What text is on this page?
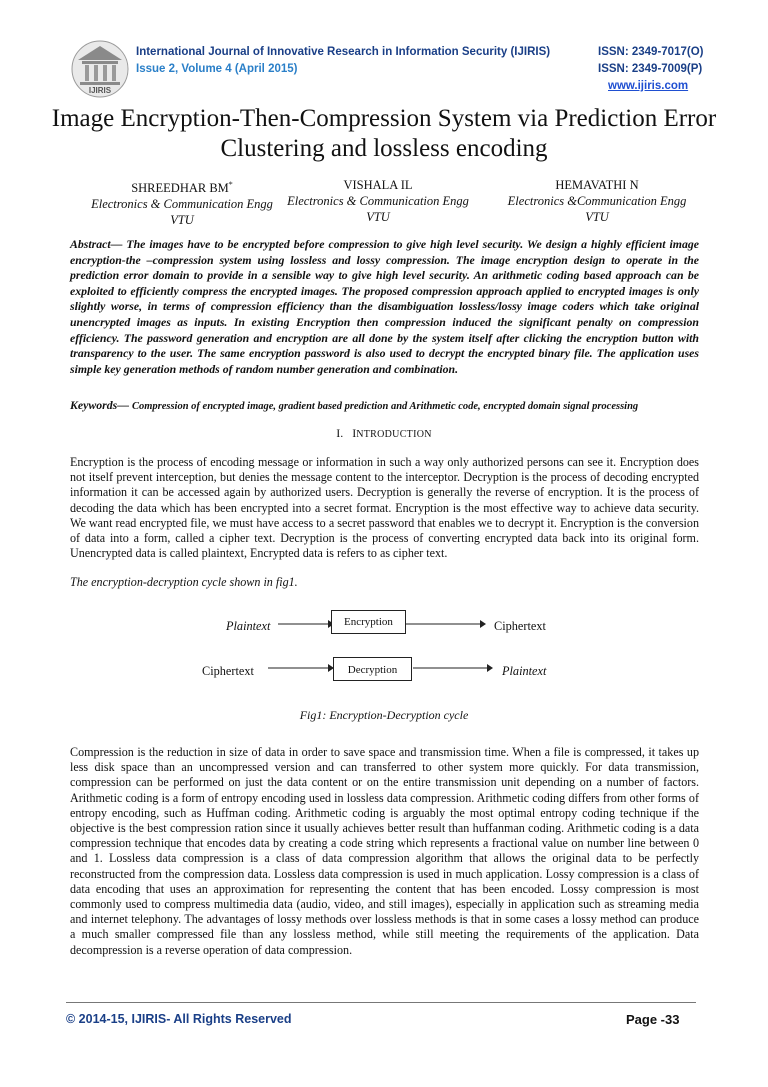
IJIRIS
International Journal of Innovative Research in Information Security (IJIRIS)	ISSN: 2349-7017(O)
Issue 2, Volume 4 (April 2015)	ISSN: 2349-7009(P)
www.ijiris.com
Image Encryption-Then-Compression System via Prediction Error Clustering and lossless encoding
SHREEDHAR BM*
Electronics & Communication Engg
VTU
VISHALA IL
Electronics & Communication Engg
VTU
HEMAVATHI N
Electronics &Communication Engg
VTU
Abstract— The images have to be encrypted before compression to give high level security. We design a highly efficient image encryption-the –compression system using lossless and lossy compression. The image encryption design to operate in the prediction error domain to provide in a sensible way to give high level security. An arithmetic coding based approach can be exploited to efficiently compress the encrypted images. The proposed compression approach applied to encrypted images is only slightly worse, in terms of compression efficiency than the disambiguation lossless/lossy image coders which take original unencrypted images as inputs. In existing Encryption then compression induced the significant penalty on compression efficiency. The password generation and encryption are all done by the system itself after clicking the encryption button with transparency to the user. The same encryption password is also used to decrypt the encrypted binary file. The application uses simple key generation methods of random number generation and combination.
Keywords— Compression of encrypted image, gradient based prediction and Arithmetic code, encrypted domain signal processing
I. INTRODUCTION
Encryption is the process of encoding message or information in such a way only authorized persons can see it. Encryption does not itself prevent interception, but denies the message content to the interceptor. Decryption is the process of decoding encrypted information it can be accessed again by authorized users. Decryption is generally the reverse of encryption. It is the process of decoding the data which has been encrypted into a secret format. Encryption is the most effective way to achieve data security. We want read encrypted file, we must have access to a secret password that enables we to decrypt it. Encryption is the conversion of data into a form, called a cipher text. Decryption is the process of converting encrypted data back into its original form. Unencrypted data is called plaintext, Encrypted data is refers to as cipher text.
The encryption-decryption cycle shown in fig1.
Plaintext	Encryption	Ciphertext
Ciphertext	Decryption	Plaintext
Fig1: Encryption-Decryption cycle
Compression is the reduction in size of data in order to save space and transmission time. When a file is compressed, it takes up less disk space than an uncompressed version and can transferred to other system more quickly. For data transmission, compression can be performed on just the data content or on the entire transmission unit depending on a number of factors. Arithmetic coding is a form of entropy encoding used in lossless data compression. Arithmetic coding differs from other forms of entropy encoding, such as Huffman coding. Arithmetic coding is arguably the most optimal entropy coding technique if the objective is the best compression ration since it usually achieves better result than huffanman coding. Arithmetic coding is a data compression technique that encodes data by creating a code string which represents a fractional value on number line between 0 and 1. Lossless data compression is a class of data compression algorithm that allows the original data to be perfectly reconstructed from the compression data. Lossless data compression is used in much application. Lossy compression is a class of data encoding that uses an approximation for representing the content that has been encoded. Lossy compression is most commonly used to compress multimedia data (audio, video, and still images), especially in application such as streaming media and internet telephony. The advantages of lossy methods over lossless methods is that in some cases a lossy method can produce a much smaller compressed file than any lossless method, while still meeting the requirements of the application. Data decompression is a reverse operation of data compression.
© 2014-15, IJIRIS- All Rights Reserved	Page -33
